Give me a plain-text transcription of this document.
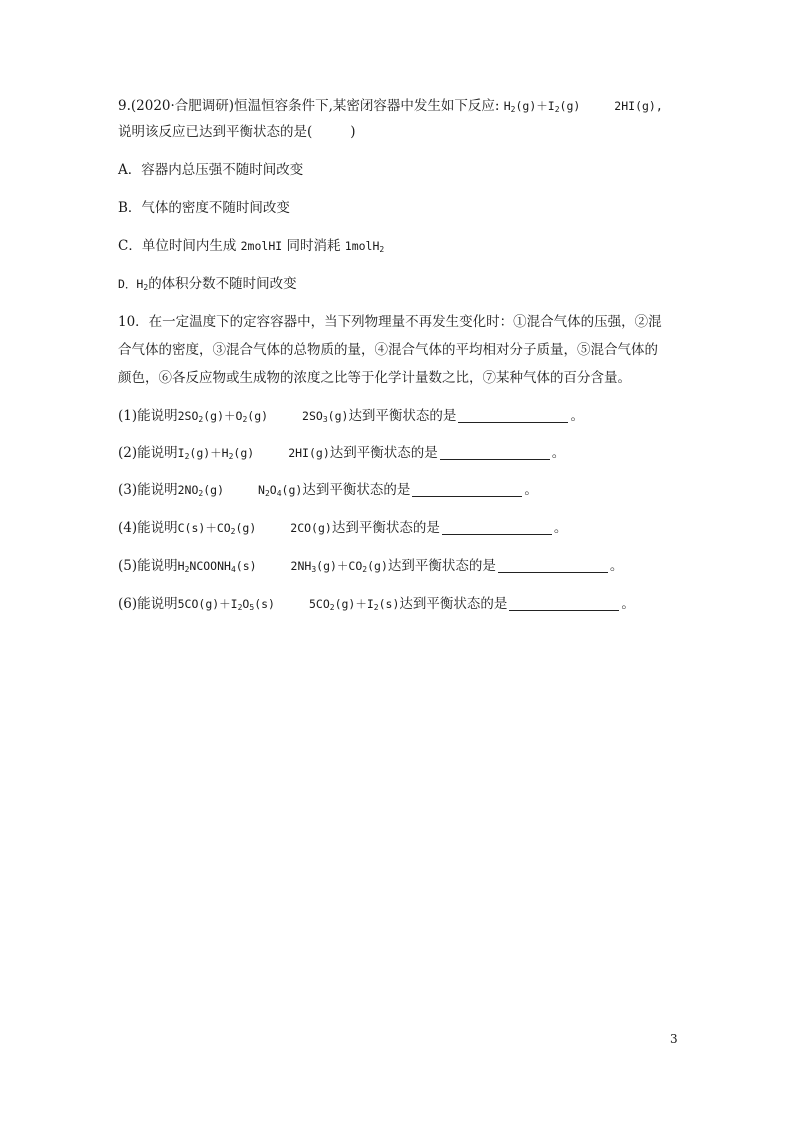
9.(2020·合肥调研)恒温恒容条件下,某密闭容器中发生如下反应: $H_2(g)+I_2(g)$	2HI(g),
说明该反应已达到平衡状态的是(	)
A．容器内总压强不随时间改变
B．气体的密度不随时间改变
C．单位时间内生成 2molHI 同时消耗 1molH$_2$
D．$H_2$的体积分数不随时间改变
10．在一定温度下的定容容器中，当下列物理量不再发生变化时：①混合气体的压强，②混
合气体的密度，③混合气体的总物质的量，④混合气体的平均相对分子质量，⑤混合气体的
颜色，⑥各反应物或生成物的浓度之比等于化学计量数之比，⑦某种气体的百分含量。
(1)能说明$2SO_2(g)+O_2(g)$	$2SO_3(g)$达到平衡状态的是	。
(2)能说明$I_2(g)+H_2(g)$	2HI(g)达到平衡状态的是	。
(3)能说明$2NO_2(g)$	$N_2O_4(g)$达到平衡状态的是	。
(4)能说明$C(s)+CO_2(g)$	2CO(g)达到平衡状态的是	。
(5)能说明$H_2NCOONH_4(s)$	$2NH_3(g)+CO_2(g)$达到平衡状态的是	。
(6)能说明$5CO(g)+I_2O_5(s)$	$5CO_2(g)+I_2(s)$达到平衡状态的是	。
3
